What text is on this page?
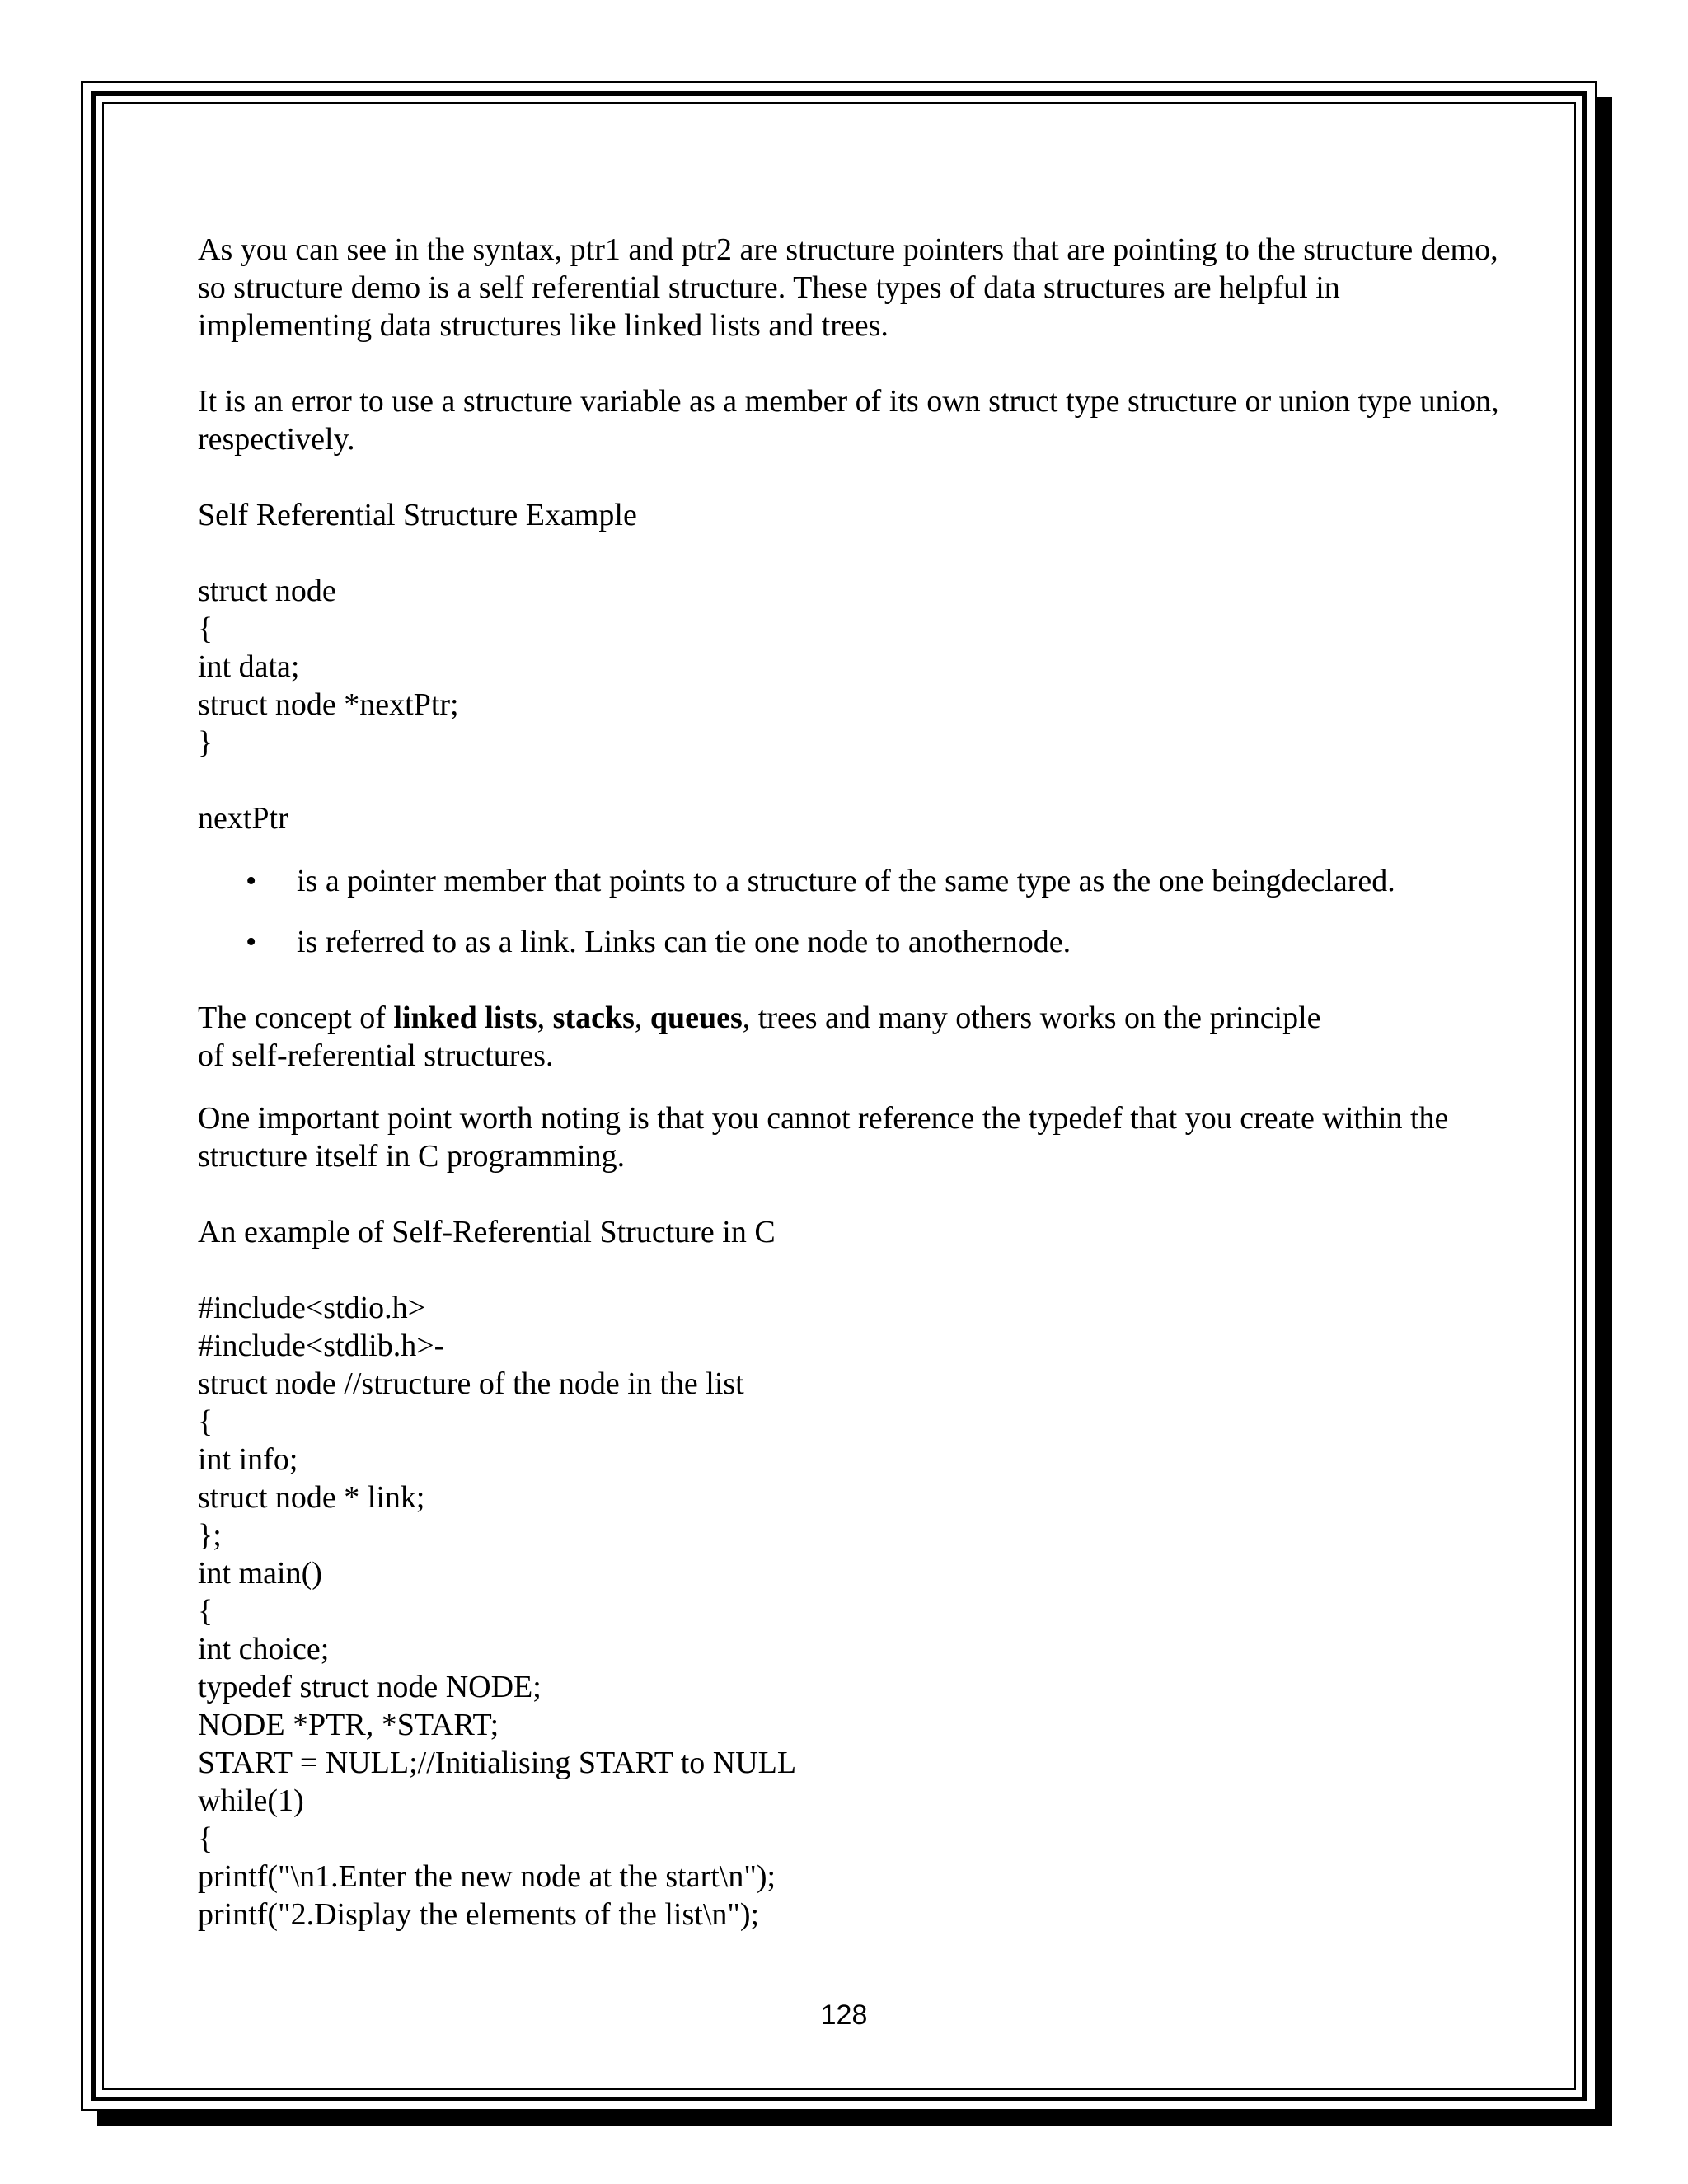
As you can see in the syntax, ptr1 and ptr2 are structure pointers that are pointing to the structure demo, so structure demo is a self referential structure. These types of data structures are helpful in implementing data structures like linked lists and trees.

It is an error to use a structure variable as a member of its own struct type structure or union type union, respectively.

Self Referential Structure Example

struct node
{
int data;
struct node *nextPtr;
}

nextPtr

• is a pointer member that points to a structure of the same type as the one beingdeclared.
• is referred to as a link. Links can tie one node to anothernode.

The concept of linked lists, stacks, queues, trees and many others works on the principle
of self-referential structures.

One important point worth noting is that you cannot reference the typedef that you create within the structure itself in C programming.

An example of Self-Referential Structure in C

#include<stdio.h>
#include<stdlib.h>-
struct node //structure of the node in the list
{
int info;
struct node * link;
};
int main()
{
int choice;
typedef struct node NODE;
NODE *PTR, *START;
START = NULL;//Initialising START to NULL
while(1)
{
printf("\n1.Enter the new node at the start\n");
printf("2.Display the elements of the list\n");
128
